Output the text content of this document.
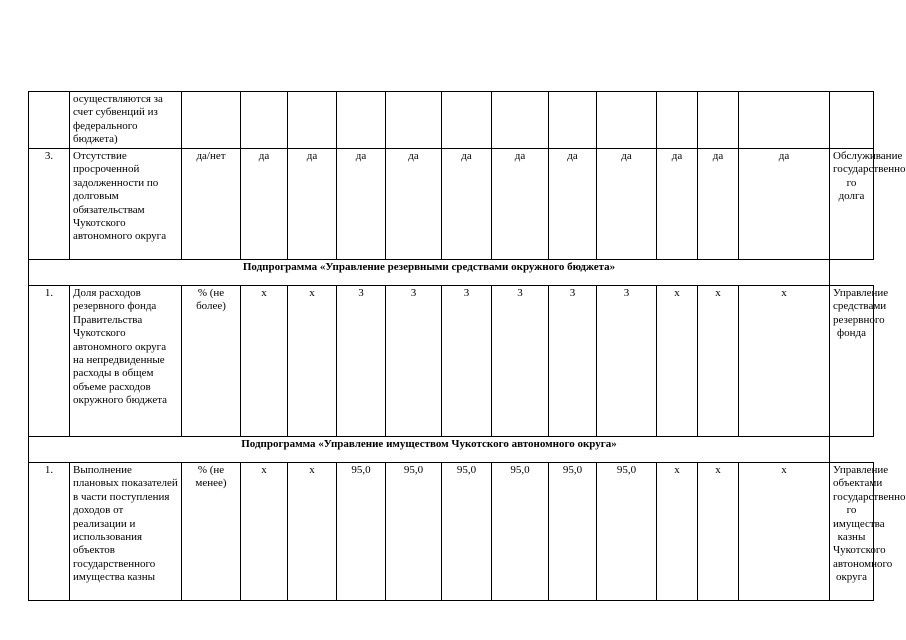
	осуществляются за счет субвенций из федерального бюджета)													
3.	Отсутствие просроченной задолженности по долговым обязательствам Чукотского автономного округа	да/нет	да	да	да	да	да	да	да	да	да	да	да	Обслуживание государственно го долга
Подпрограмма «Управление резервными средствами окружного бюджета»														
1.	Доля расходов резервного фонда Правительства Чукотского автономного округа на непредвиденные расходы в общем объеме расходов окружного бюджета	% (не более)	х	х	3	3	3	3	3	3	х	х	х	Управление средствами резервного фонда
Подпрограмма «Управление имуществом Чукотского автономного округа»														
1.	Выполнение плановых показателей в части поступления доходов от реализации и использования объектов государственного имущества казны	% (не менее)	х	х	95,0	95,0	95,0	95,0	95,0	95,0	х	х	х	Управление объектами государственно го имущества казны Чукотского автономного округа
